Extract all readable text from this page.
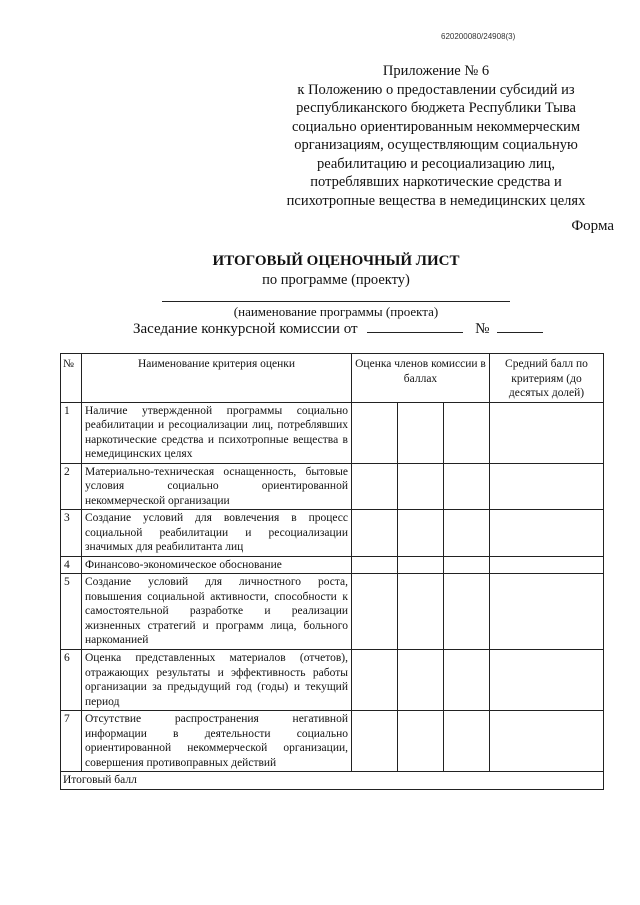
620200080/24908(3)
Приложение № 6
к Положению о предоставлении субсидий из
республиканского бюджета Республики Тыва
социально ориентированным некоммерческим
организациям, осуществляющим социальную
реабилитацию и ресоциализацию лиц,
потреблявших наркотические средства и
психотропные вещества в немедицинских целях
Форма
ИТОГОВЫЙ ОЦЕНОЧНЫЙ ЛИСТ
по программе (проекту)
(наименование программы (проекта)
Заседание конкурсной комиссии от	№
№	Наименование критерия оценки	Оценка членов комиссии в баллах			Средний балл по критериям (до десятых долей)
1	Наличие утвержденной программы социально реабилитации и ресоциализации лиц, потреблявших наркотические средства и психотропные вещества в немедицинских целях				
2	Материально-техническая оснащенность, бытовые условия социально ориентированной некоммерческой организации				
3	Создание условий для вовлечения в процесс социальной реабилитации и ресоциализации значимых для реабилитанта лиц				
4	Финансово-экономическое обоснование				
5	Создание условий для личностного роста, повышения социальной активности, способности к самостоятельной разработке и реализации жизненных стратегий и программ лица, больного наркоманией				
6	Оценка представленных материалов (отчетов), отражающих результаты и эффективность работы организации за предыдущий год (годы) и текущий период				
7	Отсутствие распространения негативной информации в деятельности социально ориентированной некоммерческой организации, совершения противоправных действий				
Итоговый балл					
